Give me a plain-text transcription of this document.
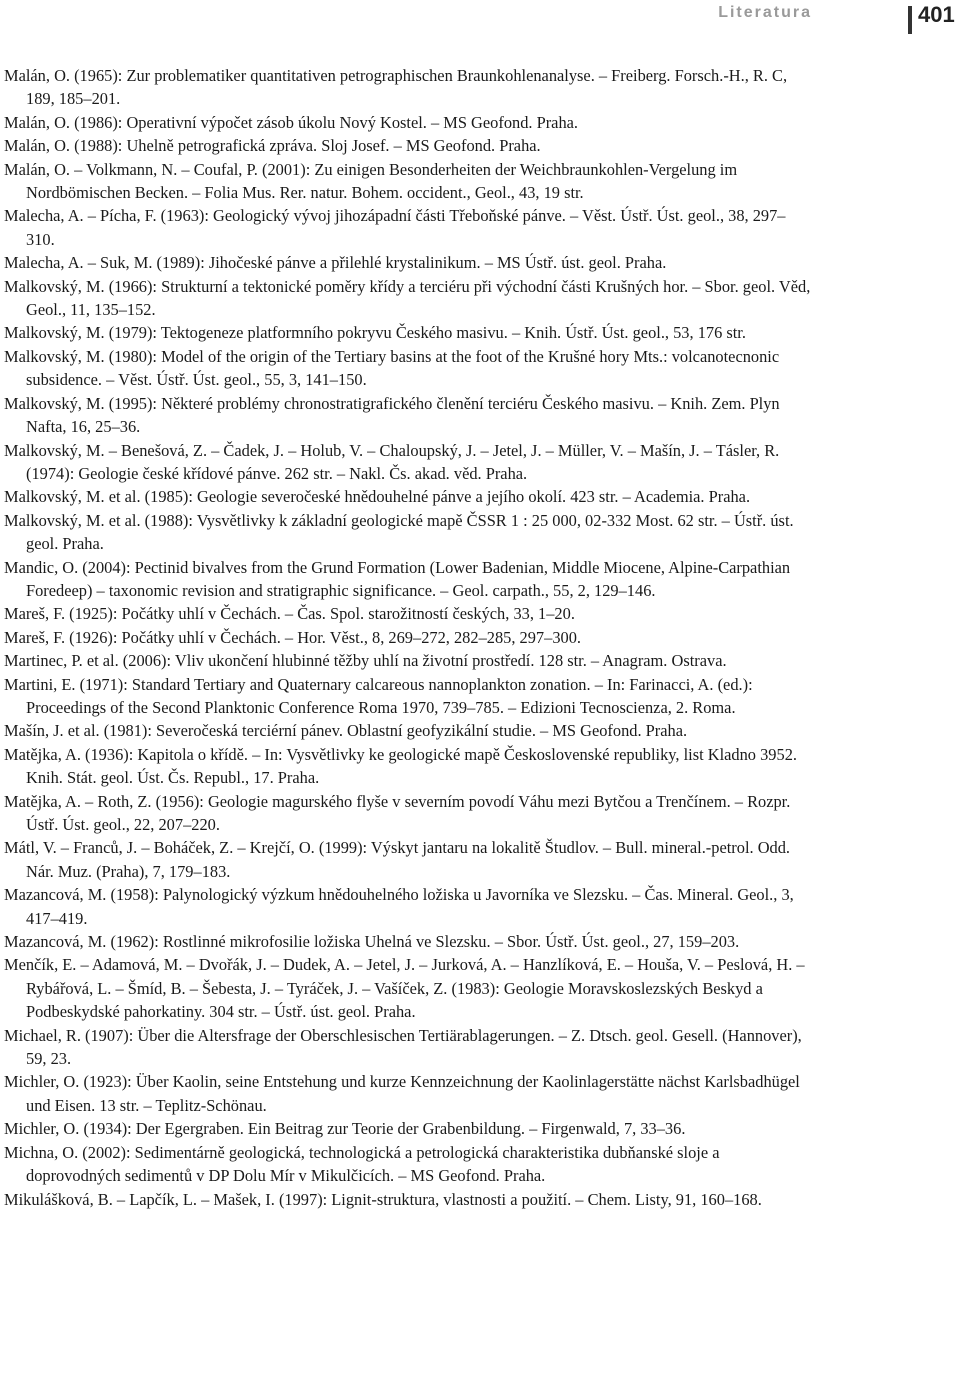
Literatura	401

Malán, O. (1965): Zur problematiker quantitativen petrographischen Braunkohlenanalyse. – Freiberg. Forsch.-H., R. C, 189, 185–201.

Malán, O. (1986): Operativní výpočet zásob úkolu Nový Kostel. – MS Geofond. Praha.

Malán, O. (1988): Uhelně petrografická zpráva. Sloj Josef. – MS Geofond. Praha.

Malán, O. – Volkmann, N. – Coufal, P. (2001): Zu einigen Besonderheiten der Weichbraunkohlen-Vergelung im Nordbömischen Becken. – Folia Mus. Rer. natur. Bohem. occident., Geol., 43, 19 str.

Malecha, A. – Pícha, F. (1963): Geologický vývoj jihozápadní části Třeboňské pánve. – Věst. Ústř. Úst. geol., 38, 297–310.

Malecha, A. – Suk, M. (1989): Jihočeské pánve a přilehlé krystalinikum. – MS Ústř. úst. geol. Praha.

Malkovský, M. (1966): Strukturní a tektonické poměry křídy a terciéru při východní části Krušných hor. – Sbor. geol. Věd, Geol., 11, 135–152.

Malkovský, M. (1979): Tektogeneze platformního pokryvu Českého masivu. – Knih. Ústř. Úst. geol., 53, 176 str.

Malkovský, M. (1980): Model of the origin of the Tertiary basins at the foot of the Krušné hory Mts.: volcanotecnonic subsidence. – Věst. Ústř. Úst. geol., 55, 3, 141–150.

Malkovský, M. (1995): Některé problémy chronostratigrafického členění terciéru Českého masivu. – Knih. Zem. Plyn Nafta, 16, 25–36.

Malkovský, M. – Benešová, Z. – Čadek, J. – Holub, V. – Chaloupský, J. – Jetel, J. – Müller, V. – Mašín, J. – Tásler, R. (1974): Geologie české křídové pánve. 262 str. – Nakl. Čs. akad. věd. Praha.

Malkovský, M. et al. (1985): Geologie severočeské hnědouhelné pánve a jejího okolí. 423 str. – Academia. Praha.

Malkovský, M. et al. (1988): Vysvětlivky k základní geologické mapě ČSSR 1 : 25 000, 02-332 Most. 62 str. – Ústř. úst. geol. Praha.

Mandic, O. (2004): Pectinid bivalves from the Grund Formation (Lower Badenian, Middle Miocene, Alpine-Carpathian Foredeep) – taxonomic revision and stratigraphic significance. – Geol. carpath., 55, 2, 129–146.

Mareš, F. (1925): Počátky uhlí v Čechách. – Čas. Spol. starožitností českých, 33, 1–20.

Mareš, F. (1926): Počátky uhlí v Čechách. – Hor. Věst., 8, 269–272, 282–285, 297–300.

Martinec, P. et al. (2006): Vliv ukončení hlubinné těžby uhlí na životní prostředí. 128 str. – Anagram. Ostrava.

Martini, E. (1971): Standard Tertiary and Quaternary calcareous nannoplankton zonation. – In: Farinacci, A. (ed.): Proceedings of the Second Planktonic Conference Roma 1970, 739–785. – Edizioni Tecnoscienza, 2. Roma.

Mašín, J. et al. (1981): Severočeská terciérní pánev. Oblastní geofyzikální studie. – MS Geofond. Praha.

Matějka, A. (1936): Kapitola o křídě. – In: Vysvětlivky ke geologické mapě Československé republiky, list Kladno 3952. Knih. Stát. geol. Úst. Čs. Republ., 17. Praha.

Matějka, A. – Roth, Z. (1956): Geologie magurského flyše v severním povodí Váhu mezi Bytčou a Trenčínem. – Rozpr. Ústř. Úst. geol., 22, 207–220.

Mátl, V. – Franců, J. – Boháček, Z. – Krejčí, O. (1999): Výskyt jantaru na lokalitě Študlov. – Bull. mineral.-petrol. Odd. Nár. Muz. (Praha), 7, 179–183.

Mazancová, M. (1958): Palynologický výzkum hnědouhelného ložiska u Javorníka ve Slezsku. – Čas. Mineral. Geol., 3, 417–419.

Mazancová, M. (1962): Rostlinné mikrofosilie ložiska Uhelná ve Slezsku. – Sbor. Ústř. Úst. geol., 27, 159–203.

Menčík, E. – Adamová, M. – Dvořák, J. – Dudek, A. – Jetel, J. – Jurková, A. – Hanzlíková, E. – Houša, V. – Peslová, H. – Rybářová, L. – Šmíd, B. – Šebesta, J. – Tyráček, J. – Vašíček, Z. (1983): Geologie Moravskoslezských Beskyd a Podbeskydské pahorkatiny. 304 str. – Ústř. úst. geol. Praha.

Michael, R. (1907): Über die Altersfrage der Oberschlesischen Tertiärablagerungen. – Z. Dtsch. geol. Gesell. (Hannover), 59, 23.

Michler, O. (1923): Über Kaolin, seine Entstehung und kurze Kennzeichnung der Kaolinlagerstätte nächst Karlsbadhügel und Eisen. 13 str. – Teplitz-Schönau.

Michler, O. (1934): Der Egergraben. Ein Beitrag zur Teorie der Grabenbildung. – Firgenwald, 7, 33–36.

Michna, O. (2002): Sedimentárně geologická, technologická a petrologická charakteristika dubňanské sloje a doprovodných sedimentů v DP Dolu Mír v Mikulčicích. – MS Geofond. Praha.

Mikulášková, B. – Lapčík, L. – Mašek, I. (1997): Lignit-struktura, vlastnosti a použití. – Chem. Listy, 91, 160–168.
